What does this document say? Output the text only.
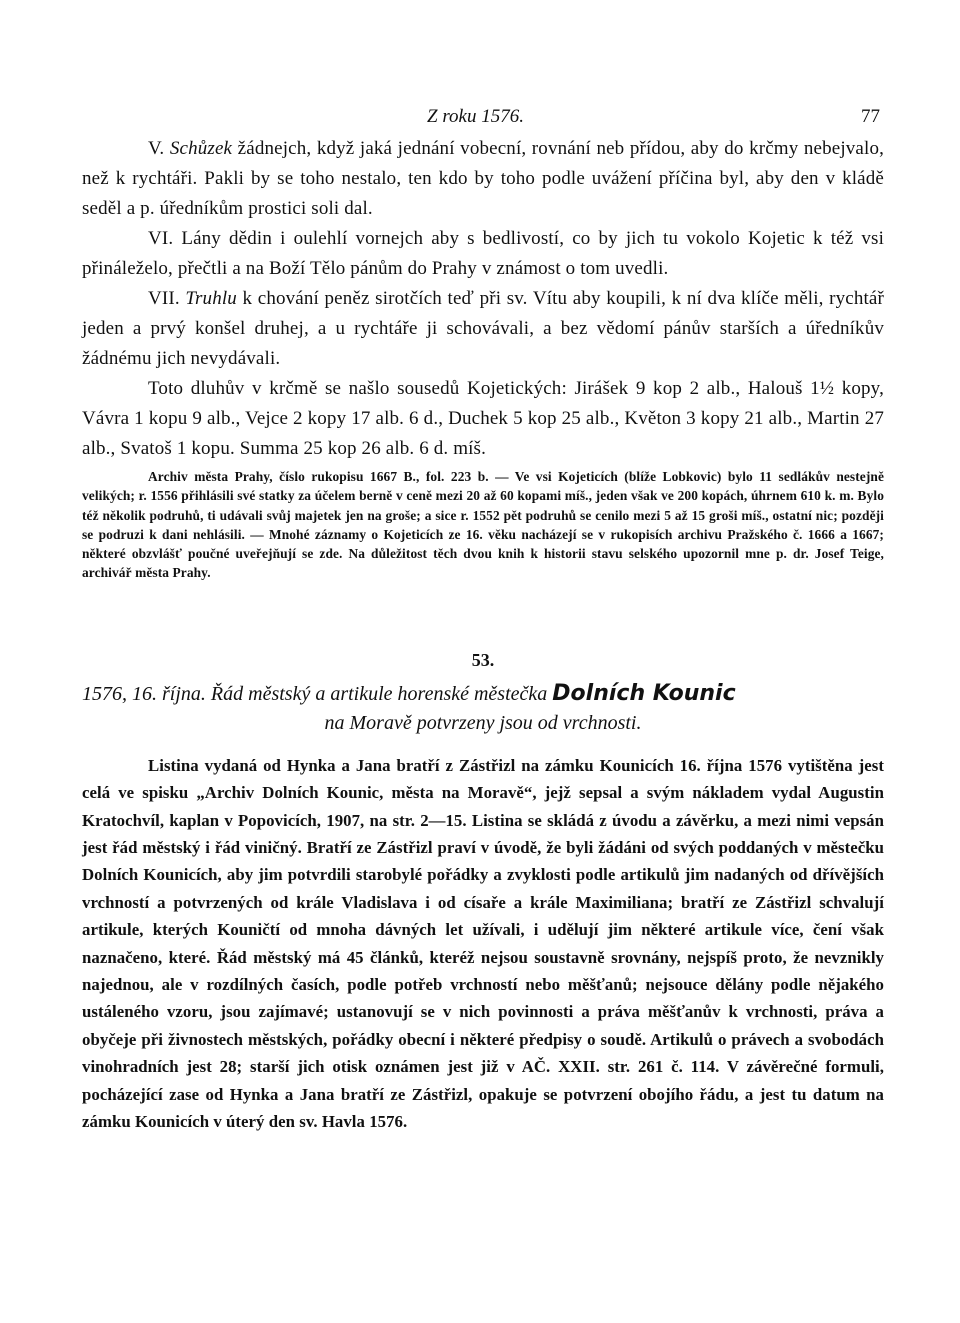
Z roku 1576.	77

V. Schůzek žádnejch, když jaká jednání vobecní, rovnání neb přídou, aby do krčmy nebejvalo, než k rychtáři. Pakli by se toho nestalo, ten kdo by toho podle uvážení příčina byl, aby den v kládě seděl a p. úředníkům prostici soli dal.

VI. Lány dědin i oulehlí vornejch aby s bedlivostí, co by jich tu vokolo Kojetic k též vsi přináleželo, přečtli a na Boží Tělo pánům do Prahy v známost o tom uvedli.

VII. Truhlu k chování peněz sirotčích teď při sv. Vítu aby koupili, k ní dva klíče měli, rychtář jeden a prvý konšel druhej, a u rychtáře ji schovávali, a bez vědomí pánův starších a úředníkův žádnému jich nevydávali.

Toto dluhův v krčmě se našlo sousedů Kojetických: Jirášek 9 kop 2 alb., Halouš 1½ kopy, Vávra 1 kopu 9 alb., Vejce 2 kopy 17 alb. 6 d., Duchek 5 kop 25 alb., Květon 3 kopy 21 alb., Martin 27 alb., Svatoš 1 kopu. Summa 25 kop 26 alb. 6 d. míš.

Archiv města Prahy, číslo rukopisu 1667 B., fol. 223 b. — Ve vsi Kojeticích (blíže Lobkovic) bylo 11 sedlákův nestejně velikých; r. 1556 přihlásili své statky za účelem berně v ceně mezi 20 až 60 kopami míš., jeden však ve 200 kopách, úhrnem 610 k. m. Bylo též několik podruhů, ti udávali svůj majetek jen na groše; a sice r. 1552 pět podruhů se cenilo mezi 5 až 15 groši míš., ostatní nic; později se podruzi k dani nehlásili. — Mnohé záznamy o Kojeticích ze 16. věku nacházejí se v rukopisích archivu Pražského č. 1666 a 1667; některé obzvlášť poučné uveřejňují se zde. Na důležitost těch dvou knih k historii stavu selského upozornil mne p. dr. Josef Teige, archivář města Prahy.

53.
1576, 16. října. Řád městský a artikule horenské městečka Dolních Kounic
na Moravě potvrzeny jsou od vrchnosti.

Listina vydaná od Hynka a Jana bratří z Zástřizl na zámku Kounicích 16. října 1576 vytištěna jest celá ve spisku „Archiv Dolních Kounic, města na Moravě“, jejž sepsal a svým nákladem vydal Augustin Kratochvíl, kaplan v Popovicích, 1907, na str. 2—15. Listina se skládá z úvodu a závěrku, a mezi nimi vepsán jest řád městský i řád viničný. Bratří ze Zástřizl praví v úvodě, že byli žádáni od svých poddaných v městečku Dolních Kounicích, aby jim potvrdili starobylé pořádky a zvyklosti podle artikulů jim nadaných od dřívějších vrchností a potvrzených od krále Vladislava i od císaře a krále Maximiliana; bratří ze Zástřizl schvalují artikule, kterých Kouničtí od mnoha dávných let užívali, i udělují jim některé artikule více, čení však naznačeno, které. Řád městský má 45 článků, kteréž nejsou soustavně srovnány, nejspíš proto, že nevznikly najednou, ale v rozdílných časích, podle potřeb vrchností nebo měšťanů; nejsouce dělány podle nějakého ustáleného vzoru, jsou zajímavé; ustanovují se v nich povinnosti a práva měšťanův k vrchnosti, práva a obyčeje při živnostech městských, pořádky obecní i některé předpisy o soudě. Artikulů o právech a svobodách vinohradních jest 28; starší jich otisk oznámen jest již v AČ. XXII. str. 261 č. 114. V závěrečné formuli, pocházející zase od Hynka a Jana bratří ze Zástřizl, opakuje se potvrzení obojího řádu, a jest tu datum na zámku Kounicích v úterý den sv. Havla 1576.
